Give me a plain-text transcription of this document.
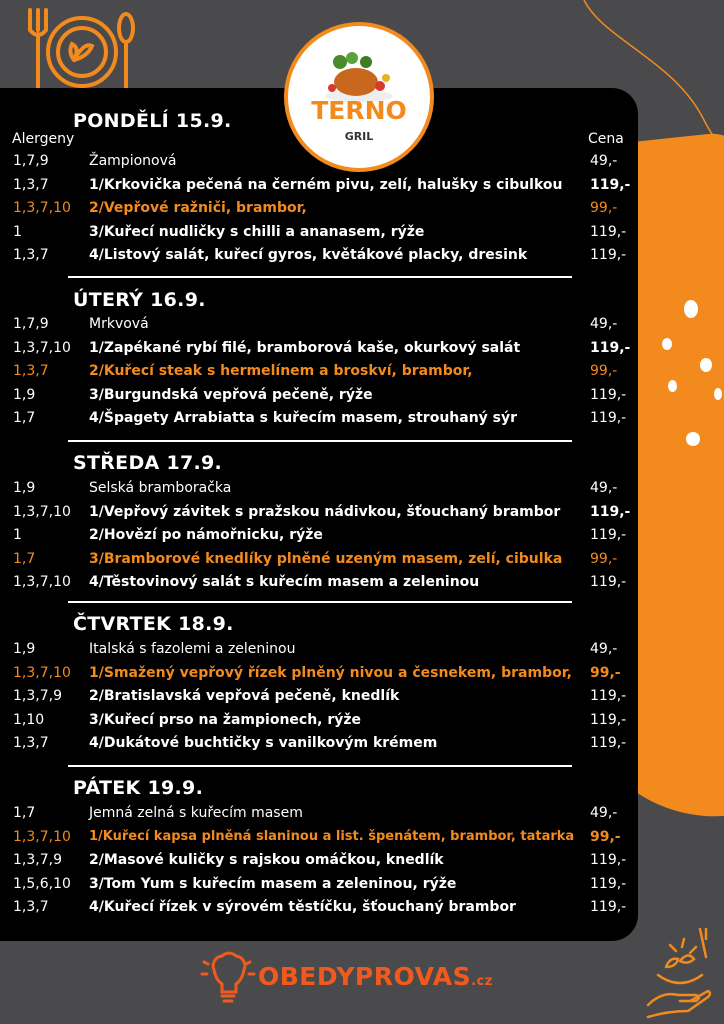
TERNO
GRIL
Alergeny	Cena
PONDĚLÍ 15.9.
1,7,9	Žampionová	49,-
1,3,7	1/Krkovička pečená na černém pivu, zelí, halušky s cibulkou 119,-
1,3,7,10 2/Vepřové ražniči, brambor,	99,-
1	3/Kuřecí nudličky s chilli a ananasem, rýže	119,-
1,3,7	4/Listový salát, kuřecí gyros, květákové placky, dresink	119,-
ÚTERÝ 16.9.
1,7,9	Mrkvová	49,-
1,3,7,10 1/Zapékané rybí filé, bramborová kaše, okurkový salát	119,-
1,3,7	2/Kuřecí steak s hermelínem a broskví, brambor,	99,-
1,9	3/Burgundská vepřová pečeně, rýže	119,-
1,7	4/Špagety Arrabiatta s kuřecím masem, strouhaný sýr	119,-
STŘEDA 17.9.
1,9	Selská bramboračka	49,-
1,3,7,10 1/Vepřový závitek s pražskou nádivkou, šťouchaný brambor 119,-
1	2/Hovězí po námořnicku, rýže	119,-
1,7	3/Bramborové knedlíky plněné uzeným masem, zelí, cibulka 99,-
1,3,7,10 4/Těstovinový salát s kuřecím masem a zeleninou	119,-
ČTVRTEK 18.9.
1,9	Italská s fazolemi a zeleninou	49,-
1,3,7,10 1/Smažený vepřový řízek plněný nivou a česnekem, brambor, 99,-
1,3,7,9 2/Bratislavská vepřová pečeně, knedlík	119,-
1,10	3/Kuřecí prso na žampionech, rýže	119,-
1,3,7	4/Dukátové buchtičky s vanilkovým krémem	119,-
PÁTEK 19.9.
1,7	Jemná zelná s kuřecím masem	49,-
1,3,7,10 1/Kuřecí kapsa plněná slaninou a list. špenátem, brambor, tatarka 99,-
1,3,7,9 2/Masové kuličky s rajskou omáčkou, knedlík	119,-
1,5,6,10 3/Tom Yum s kuřecím masem a zeleninou, rýže	119,-
1,3,7	4/Kuřecí řízek v sýrovém těstíčku, šťouchaný brambor	119,-
OBEDYPROVAS.cz
